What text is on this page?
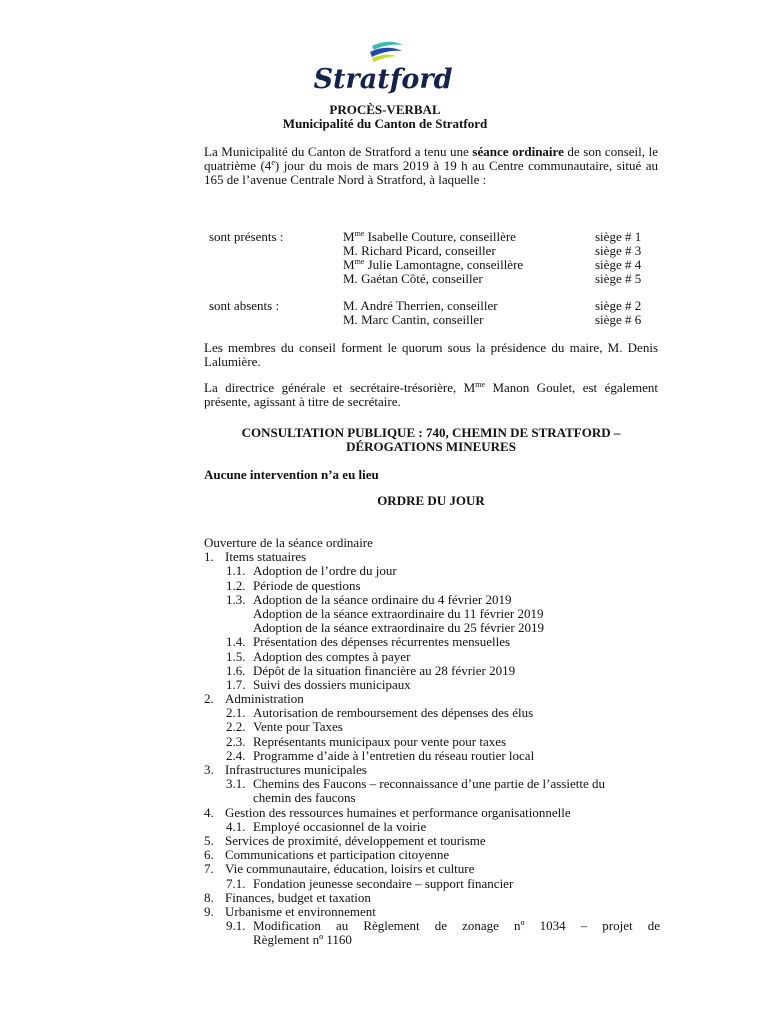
Stratford
PROCÈS-VERBAL
Municipalité du Canton de Stratford
La Municipalité du Canton de Stratford a tenu une séance ordinaire de son conseil, le quatrième (4e) jour du mois de mars 2019 à 19 h au Centre communautaire, situé au 165 de l’avenue Centrale Nord à Stratford, à laquelle :
sont présents :	$M^{me}$ Isabelle Couture, conseillère	siège # 1
M. Richard Picard, conseiller	siège # 3
$M^{me}$ Julie Lamontagne, conseillère	siège # 4
M. Gaétan Côté, conseiller	siège # 5
sont absents :	M. André Therrien, conseiller	siège # 2
M. Marc Cantin, conseiller	siège # 6
Les membres du conseil forment le quorum sous la présidence du maire, M. Denis Lalumière.
La directrice générale et secrétaire-trésorière, $M^{me}$ Manon Goulet, est également présente, agissant à titre de secrétaire.
CONSULTATION PUBLIQUE : 740, CHEMIN DE STRATFORD –
DÉROGATIONS MINEURES
Aucune intervention n’a eu lieu
ORDRE DU JOUR
Ouverture de la séance ordinaire
1. Items statuaires
1.1. Adoption de l’ordre du jour
1.2. Période de questions
1.3. Adoption de la séance ordinaire du 4 février 2019
Adoption de la séance extraordinaire du 11 février 2019
Adoption de la séance extraordinaire du 25 février 2019
1.4. Présentation des dépenses récurrentes mensuelles
1.5. Adoption des comptes à payer
1.6. Dépôt de la situation financière au 28 février 2019
1.7. Suivi des dossiers municipaux
2. Administration
2.1. Autorisation de remboursement des dépenses des élus
2.2. Vente pour Taxes
2.3. Représentants municipaux pour vente pour taxes
2.4. Programme d’aide à l’entretien du réseau routier local
3. Infrastructures municipales
3.1. Chemins des Faucons – reconnaissance d’une partie de l’assiette du
chemin des faucons
4. Gestion des ressources humaines et performance organisationnelle
4.1. Employé occasionnel de la voirie
5. Services de proximité, développement et tourisme
6. Communications et participation citoyenne
7. Vie communautaire, éducation, loisirs et culture
7.1. Fondation jeunesse secondaire – support financier
8. Finances, budget et taxation
9. Urbanisme et environnement
9.1. Modification au Règlement de zonage nº 1034 – projet de
Règlement nº 1160
